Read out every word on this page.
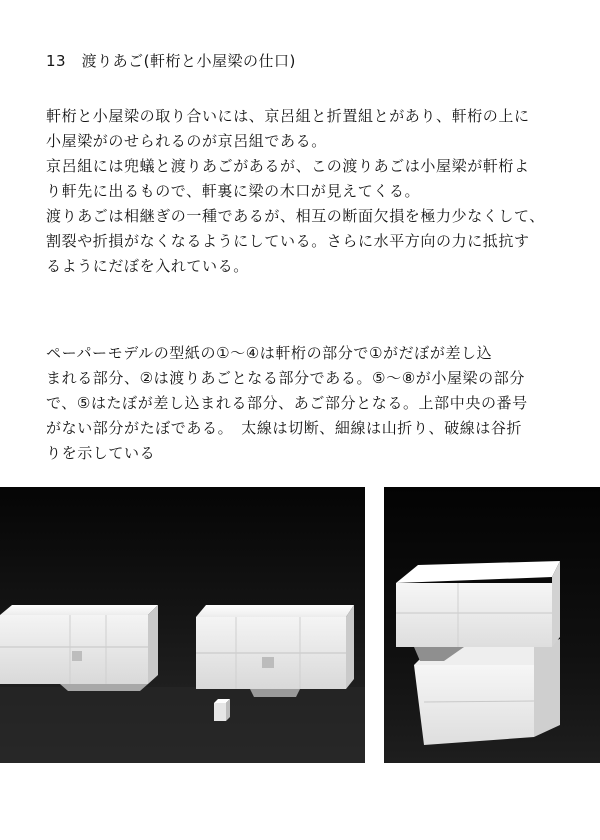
13　渡りあご(軒桁と小屋梁の仕口)
軒桁と小屋梁の取り合いには、京呂組と折置組とがあり、軒桁の上に
小屋梁がのせられるのが京呂組である。
京呂組には兜蟻と渡りあごがあるが、この渡りあごは小屋梁が軒桁よ
り軒先に出るもので、軒裏に梁の木口が見えてくる。
渡りあごは相継ぎの一種であるが、相互の断面欠損を極力少なくして、
割裂や折損がなくなるようにしている。さらに水平方向の力に抵抗す
るようにだぼを入れている。
ペーパーモデルの型紙の①～④は軒桁の部分で①がだぼが差し込
まれる部分、②は渡りあごとなる部分である。⑤～⑧が小屋梁の部分
で、⑤はたぼが差し込まれる部分、あご部分となる。上部中央の番号
がない部分がたぼである。　太線は切断、細線は山折り、破線は谷折
りを示している
